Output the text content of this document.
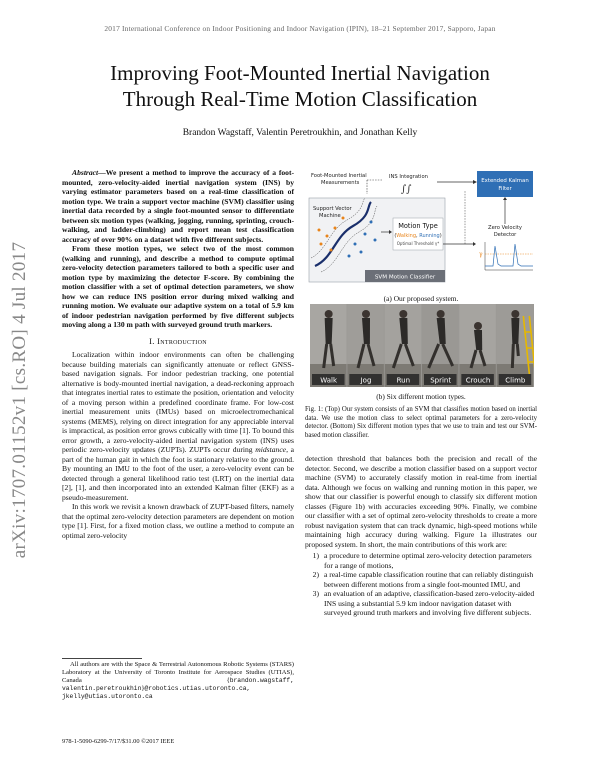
2017 International Conference on Indoor Positioning and Indoor Navigation (IPIN), 18–21 September 2017, Sapporo, Japan
arXiv:1707.01152v1 [cs.RO] 4 Jul 2017
Improving Foot-Mounted Inertial Navigation
Through Real-Time Motion Classification
Brandon Wagstaff, Valentin Peretroukhin, and Jonathan Kelly

Abstract—We present a method to improve the accuracy of a foot-mounted, zero-velocity-aided inertial navigation system (INS) by varying estimator parameters based on a real-time classification of motion type. We train a support vector machine (SVM) classifier using inertial data recorded by a single foot-mounted sensor to differentiate between six motion types (walking, jogging, running, sprinting, crouch-walking, and ladder-climbing) and report mean test classification accuracy of over 90% on a dataset with five different subjects.

From these motion types, we select two of the most common (walking and running), and describe a method to compute optimal zero-velocity detection parameters tailored to both a specific user and motion type by maximizing the detector F-score. By combining the motion classifier with a set of optimal detection parameters, we show how we can reduce INS position error during mixed walking and running motion. We evaluate our adaptive system on a total of 5.9 km of indoor pedestrian navigation performed by five different subjects moving along a 130 m path with surveyed ground truth markers.

I. Introduction

Localization within indoor environments can often be challenging because building materials can significantly attenuate or reflect GNSS-based navigation signals. For indoor pedestrian tracking, one potential alternative is body-mounted inertial navigation, a dead-reckoning approach that integrates inertial rates to estimate the position, orientation and velocity of a moving person within a predefined coordinate frame. For low-cost inertial measurement units (IMUs) based on microelectromechanical systems (MEMS), relying on direct integration for any appreciable interval is impractical, as position error grows cubically with time [1]. To bound this error growth, a zero-velocity-aided inertial navigation system (INS) uses periodic zero-velocity updates (ZUPTs). ZUPTs occur during midstance, a part of the human gait in which the foot is stationary relative to the ground. By mounting an IMU to the foot of the user, a zero-velocity event can be detected through a general likelihood ratio test (LRT) on the inertial data [2], [1], and then incorporated into an extended Kalman filter (EKF) as a pseudo-measurement.

In this work we revisit a known drawback of ZUPT-based filters, namely that the optimal zero-velocity detection parameters are dependent on motion type [1]. First, for a fixed motion class, we outline a method to compute an optimal zero-velocity

All authors are with the Space & Terrestrial Autonomous Robotic Systems (STARS) Laboratory at the University of Toronto Institute for Aerospace Studies (UTIAS), Canada {brandon.wagstaff, valentin.peretroukhin}@robotics.utias.utoronto.ca, jkelly@utias.utoronto.ca
978-1-5090-6299-7/17/$31.00 ©2017 IEEE
Foot-Mounted Inertial
Measurements
INS Integration
∫∫
Extended Kalman
Filter
SVM Motion Classifier
Support Vector
Machine
Motion Type
(Walking, Running)
Optimal Threshold γ*
Zero Velocity
Detector
γ
(a) Our proposed system.
Walk	Jog	Run	Sprint Crouch Climb
(b) Six different motion types.
Fig. 1: (Top) Our system consists of an SVM that classifies motion based on inertial data. We use the motion class to select optimal parameters for a zero-velocity detector. (Bottom) Six different motion types that we use to train and test our SVM-based motion classifier.

detection threshold that balances both the precision and recall of the detector. Second, we describe a motion classifier based on a support vector machine (SVM) to accurately classify motion in real-time from inertial data. Although we focus on walking and running motion in this paper, we show that our classifier is powerful enough to classify six different motion classes (Figure 1b) with accuracies exceeding 90%. Finally, we combine our classifier with a set of optimal zero-velocity thresholds to create a more robust navigation system that can track dynamic, high-speed motions while maintaining high accuracy during walking. Figure 1a illustrates our proposed system. In short, the main contributions of this work are:

1) a procedure to determine optimal zero-velocity detection parameters for a range of motions,
2) a real-time capable classification routine that can reliably distinguish between different motions from a single foot-mounted IMU, and
3) an evaluation of an adaptive, classification-based zero-velocity-aided INS using a substantial 5.9 km indoor navigation dataset with surveyed ground truth markers and involving five different subjects.
